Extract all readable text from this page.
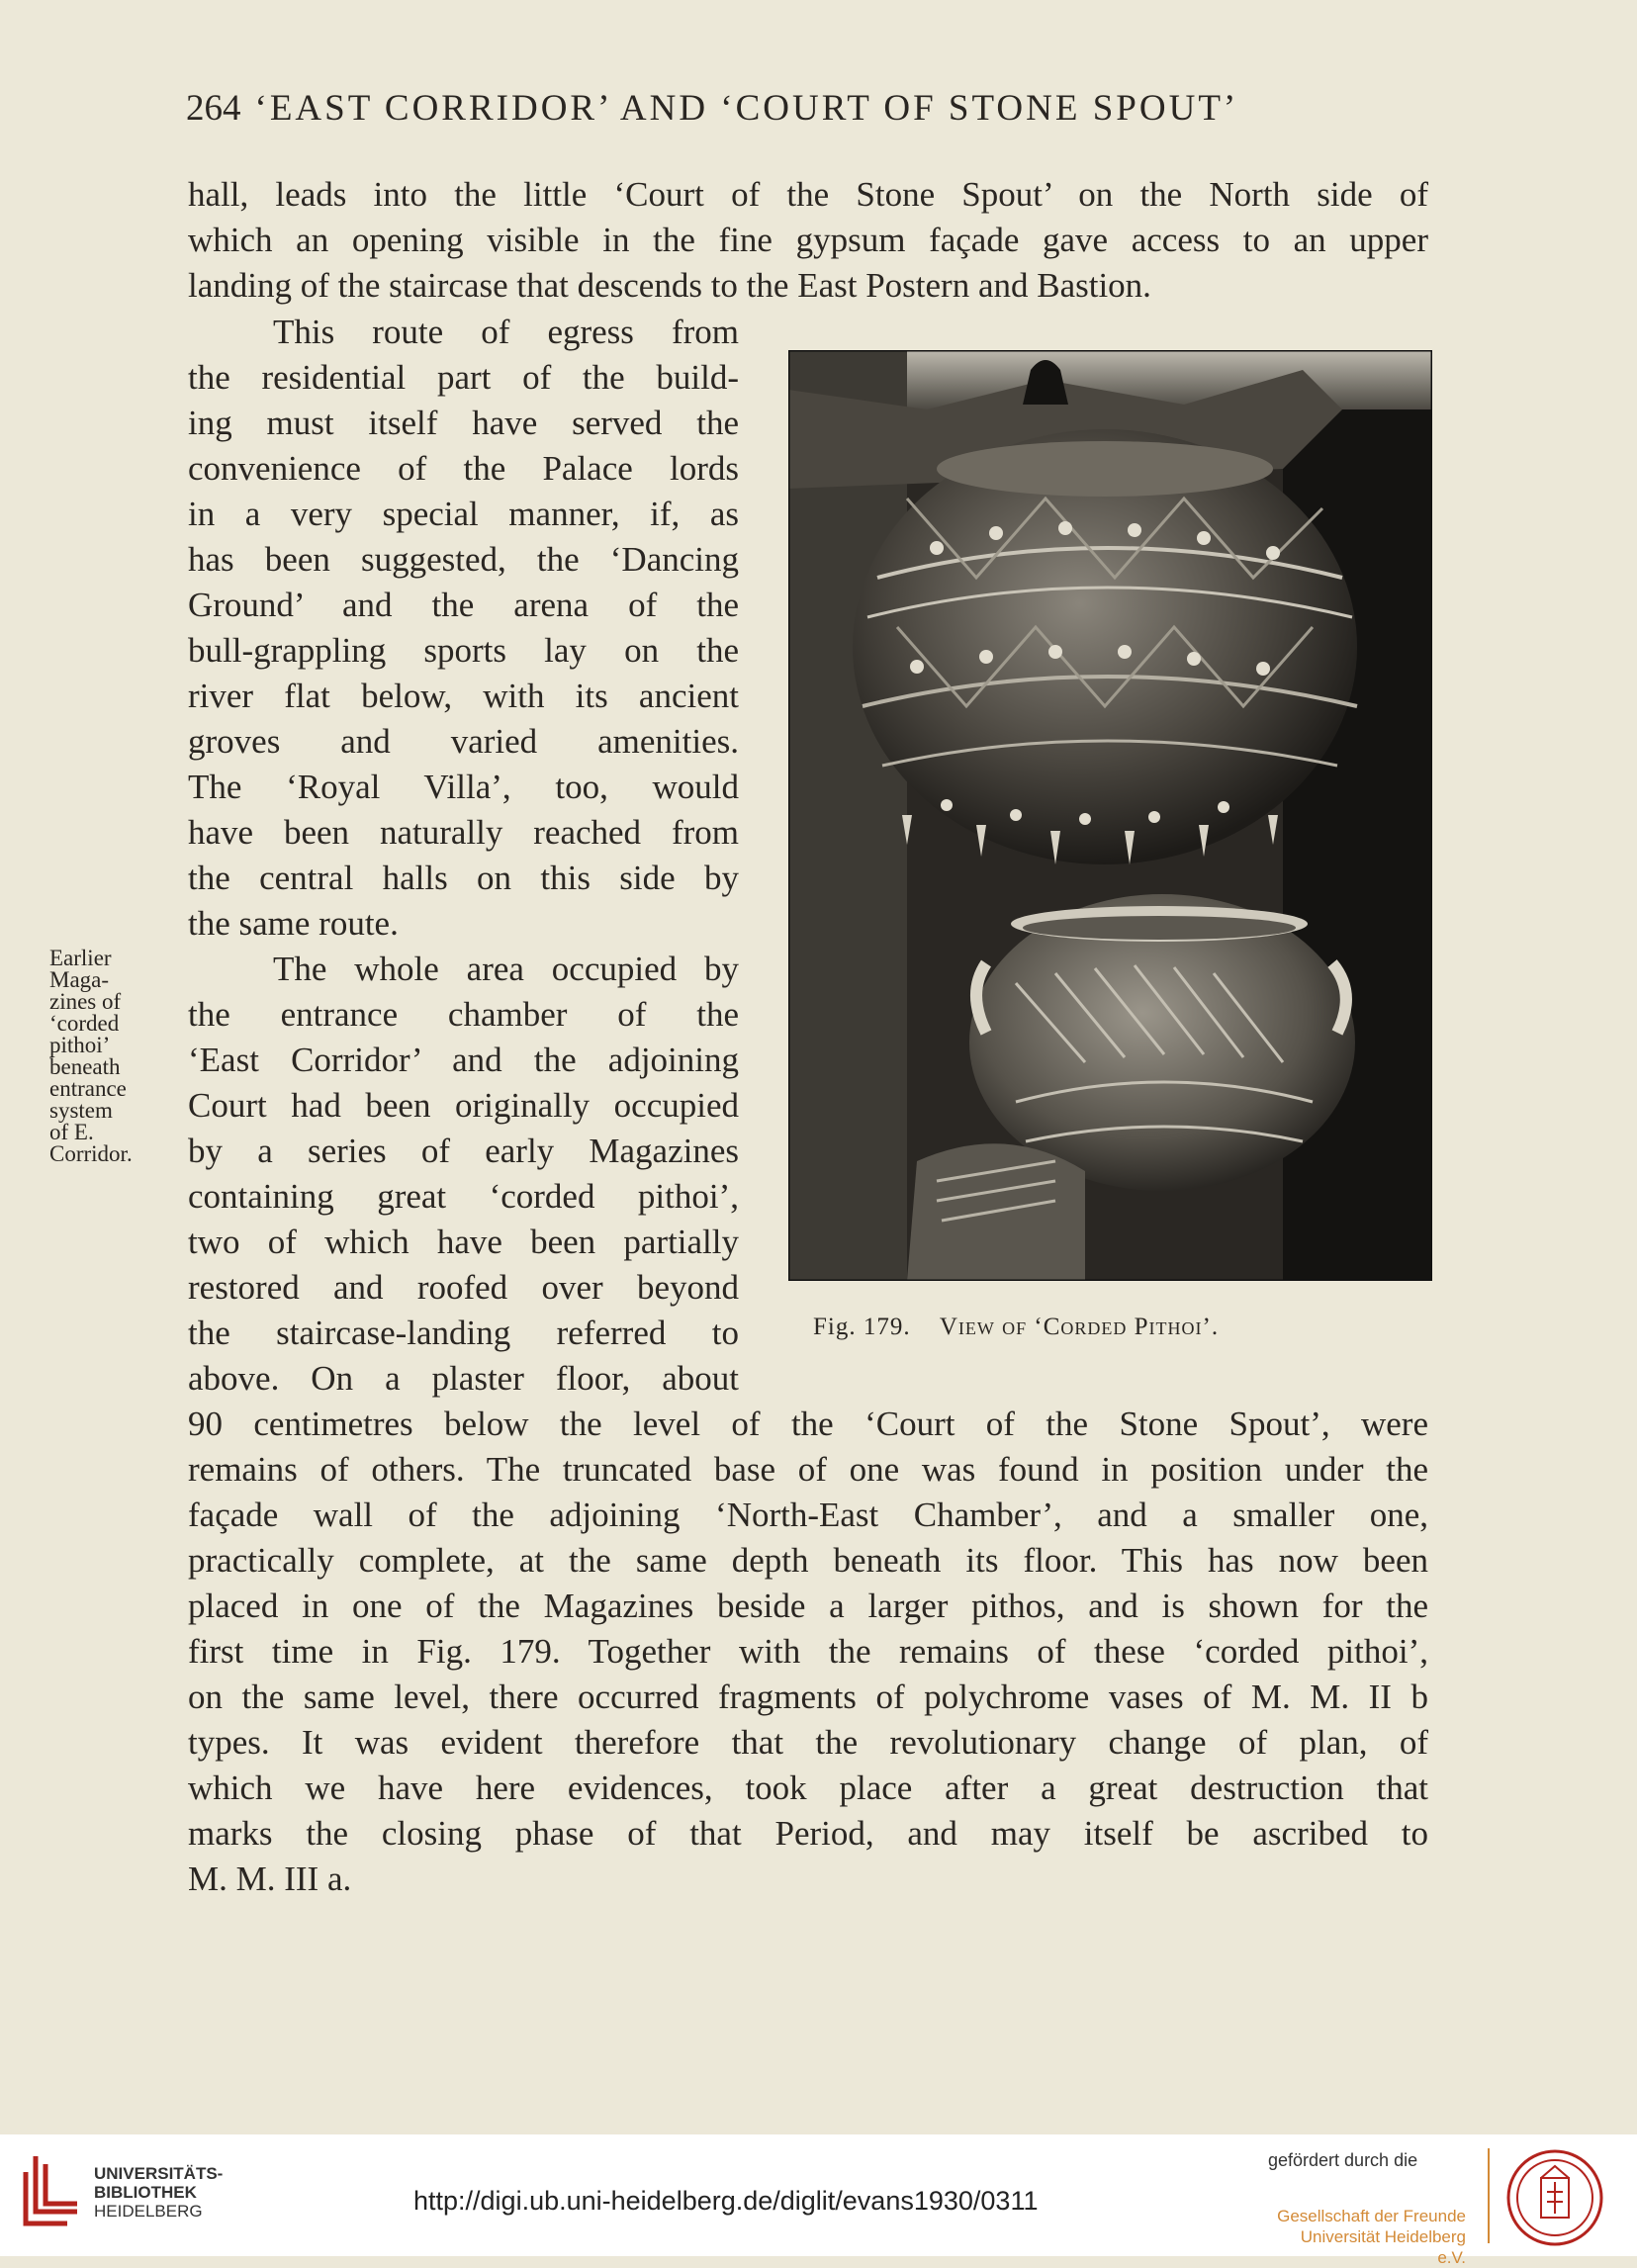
264 ‘EAST CORRIDOR’ AND ‘COURT OF STONE SPOUT’

hall, leads into the little ‘Court of the Stone Spout’ on the North side of

which an opening visible in the fine gypsum façade gave access to an upper

landing of the staircase that descends to the East Postern and Bastion.

This route of egress from

the residential part of the build-

ing must itself have served the

convenience of the Palace lords

in a very special manner, if, as

has been suggested, the ‘Dancing

Ground’ and the arena of the

bull-grappling sports lay on the

river flat below, with its ancient

groves and varied amenities.

The ‘Royal Villa’, too, would

have been naturally reached from

the central halls on this side by

the same route.

The whole area occupied by

the entrance chamber of the

‘East Corridor’ and the adjoining

Court had been originally occupied

by a series of early Magazines

containing great ‘corded pithoi’,

two of which have been partially

restored and roofed over beyond

the staircase-landing referred to

above. On a plaster floor, about

90 centimetres below the level of the ‘Court of the Stone Spout’, were

remains of others. The truncated base of one was found in position under the

façade wall of the adjoining ‘North-East Chamber’, and a smaller one,

practically complete, at the same depth beneath its floor. This has now been

placed in one of the Magazines beside a larger pithos, and is shown for the

first time in Fig. 179. Together with the remains of these ‘corded pithoi’,

on the same level, there occurred fragments of polychrome vases of M. M. II b

types. It was evident therefore that the revolutionary change of plan, of

which we have here evidences, took place after a great destruction that

marks the closing phase of that Period, and may itself be ascribed to

M. M. III a.

Earlier
Maga-
zines of
‘corded
pithoi’
beneath
entrance
system
of E.
Corridor.
Fig. 179. View of ‘Corded Pithoi’.
UNIVERSITÄTS-
BIBLIOTHEK
HEIDELBERG	http://digi.ub.uni-heidelberg.de/diglit/evans1930/0311
gefördert durch die
Gesellschaft der Freunde
Universität Heidelberg e.V.
